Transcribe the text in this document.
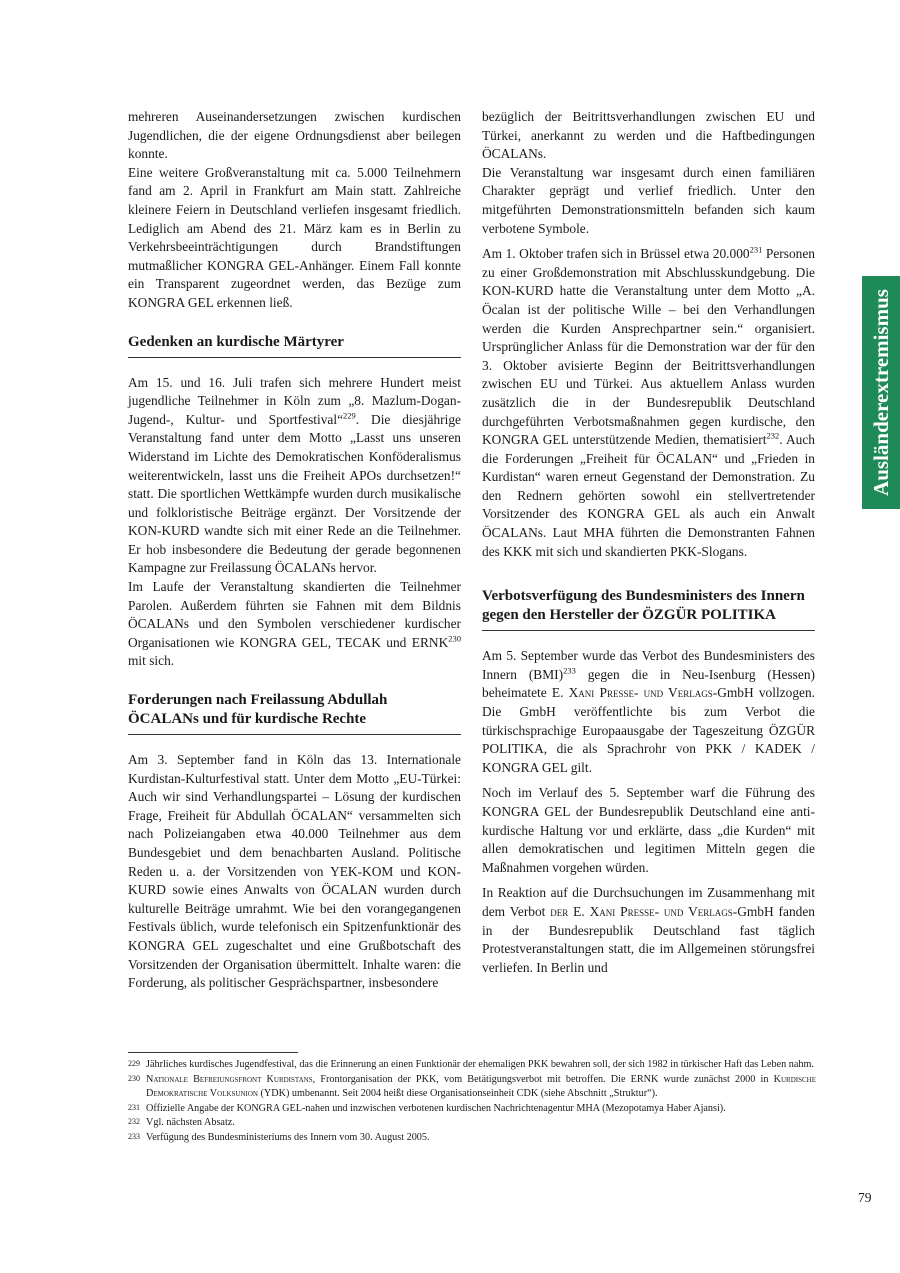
mehreren Auseinandersetzungen zwischen kurdischen Jugendlichen, die der eigene Ordnungsdienst aber beilegen konnte.

Eine weitere Großveranstaltung mit ca. 5.000 Teilnehmern fand am 2. April in Frankfurt am Main statt. Zahlreiche kleinere Feiern in Deutschland verliefen insgesamt friedlich. Lediglich am Abend des 21. März kam es in Berlin zu Verkehrsbeeinträchtigungen durch Brandstiftungen mutmaßlicher KONGRA GEL-Anhänger. Einem Fall konnte ein Transparent zugeordnet werden, das Bezüge zum KONGRA GEL erkennen ließ.

Gedenken an kurdische Märtyrer

Am 15. und 16. Juli trafen sich mehrere Hundert meist jugendliche Teilnehmer in Köln zum „8. Mazlum-Dogan-Jugend-, Kultur- und Sportfestival“$^{229}$. Die diesjährige Veranstaltung fand unter dem Motto „Lasst uns unseren Widerstand im Lichte des Demokratischen Konföderalismus weiterentwickeln, lasst uns die Freiheit APOs durchsetzen!“ statt. Die sportlichen Wettkämpfe wurden durch musikalische und folkloristische Beiträge ergänzt. Der Vorsitzende der KON-KURD wandte sich mit einer Rede an die Teilnehmer. Er hob insbesondere die Bedeutung der gerade begonnenen Kampagne zur Freilassung ÖCALANs hervor.

Im Laufe der Veranstaltung skandierten die Teilnehmer Parolen. Außerdem führten sie Fahnen mit dem Bildnis ÖCALANs und den Symbolen verschiedener kurdischer Organisationen wie KONGRA GEL, TECAK und ERNK$^{230}$ mit sich.

Forderungen nach Freilassung Abdullah ÖCALANs und für kurdische Rechte

Am 3. September fand in Köln das 13. Internationale Kurdistan-Kulturfestival statt. Unter dem Motto „EU-Türkei: Auch wir sind Verhandlungspartei – Lösung der kurdischen Frage, Freiheit für Abdullah ÖCALAN“ versammelten sich nach Polizeiangaben etwa 40.000 Teilnehmer aus dem Bundesgebiet und dem benachbarten Ausland. Politische Reden u. a. der Vorsitzenden von YEK-KOM und KON-KURD sowie eines Anwalts von ÖCALAN wurden durch kulturelle Beiträge umrahmt. Wie bei den vorangegangenen Festivals üblich, wurde telefonisch ein Spitzenfunktionär des KONGRA GEL zugeschaltet und eine Grußbotschaft des Vorsitzenden der Organisation übermittelt. Inhalte waren: die Forderung, als politischer Gesprächspartner, insbesondere

bezüglich der Beitrittsverhandlungen zwischen EU und Türkei, anerkannt zu werden und die Haftbedingungen ÖCALANs.

Die Veranstaltung war insgesamt durch einen familiären Charakter geprägt und verlief friedlich. Unter den mitgeführten Demonstrationsmitteln befanden sich kaum verbotene Symbole.

Am 1. Oktober trafen sich in Brüssel etwa 20.000$^{231}$ Personen zu einer Großdemonstration mit Abschlusskundgebung. Die KON-KURD hatte die Veranstaltung unter dem Motto „A. Öcalan ist der politische Wille – bei den Verhandlungen werden die Kurden Ansprechpartner sein.“ organisiert. Ursprünglicher Anlass für die Demonstration war der für den 3. Oktober avisierte Beginn der Beitrittsverhandlungen zwischen EU und Türkei. Aus aktuellem Anlass wurden zusätzlich die in der Bundesrepublik Deutschland durchgeführten Verbotsmaßnahmen gegen kurdische, den KONGRA GEL unterstützende Medien, thematisiert$^{232}$. Auch die Forderungen „Freiheit für ÖCALAN“ und „Frieden in Kurdistan“ waren erneut Gegenstand der Demonstration. Zu den Rednern gehörten sowohl ein stellvertretender Vorsitzender des KONGRA GEL als auch ein Anwalt ÖCALANs. Laut MHA führten die Demonstranten Fahnen des KKK mit sich und skandierten PKK-Slogans.

Verbotsverfügung des Bundesministers des Innern gegen den Hersteller der ÖZGÜR POLITIKA

Am 5. September wurde das Verbot des Bundesministers des Innern (BMI)$^{233}$ gegen die in Neu-Isenburg (Hessen) beheimatete E. Xani Presse- und Verlags-GmbH vollzogen. Die GmbH veröffentlichte bis zum Verbot die türkischsprachige Europaausgabe der Tageszeitung ÖZGÜR POLITIKA, die als Sprachrohr von PKK / KADEK / KONGRA GEL gilt.

Noch im Verlauf des 5. September warf die Führung des KONGRA GEL der Bundesrepublik Deutschland eine anti-kurdische Haltung vor und erklärte, dass „die Kurden“ mit allen demokratischen und legitimen Mitteln gegen die Maßnahmen vorgehen würden.

In Reaktion auf die Durchsuchungen im Zusammenhang mit dem Verbot der E. Xani Presse- und Verlags-GmbH fanden in der Bundesrepublik Deutschland fast täglich Protestveranstaltungen statt, die im Allgemeinen störungsfrei verliefen. In Berlin und

Ausländerextremismus
229 Jährliches kurdisches Jugendfestival, das die Erinnerung an einen Funktionär der ehemaligen PKK bewahren soll, der sich 1982 in türkischer Haft das Leben nahm.
230 Nationale Befreiungsfront Kurdistans, Frontorganisation der PKK, vom Betätigungsverbot mit betroffen. Die ERNK wurde zunächst 2000 in Kurdische Demokratische Volksunion (YDK) umbenannt. Seit 2004 heißt diese Organisationseinheit CDK (siehe Abschnitt „Struktur“).
231 Offizielle Angabe der KONGRA GEL-nahen und inzwischen verbotenen kurdischen Nachrichtenagentur MHA (Mezopotamya Haber Ajansi).
232 Vgl. nächsten Absatz.
233 Verfügung des Bundesministeriums des Innern vom 30. August 2005.
79
